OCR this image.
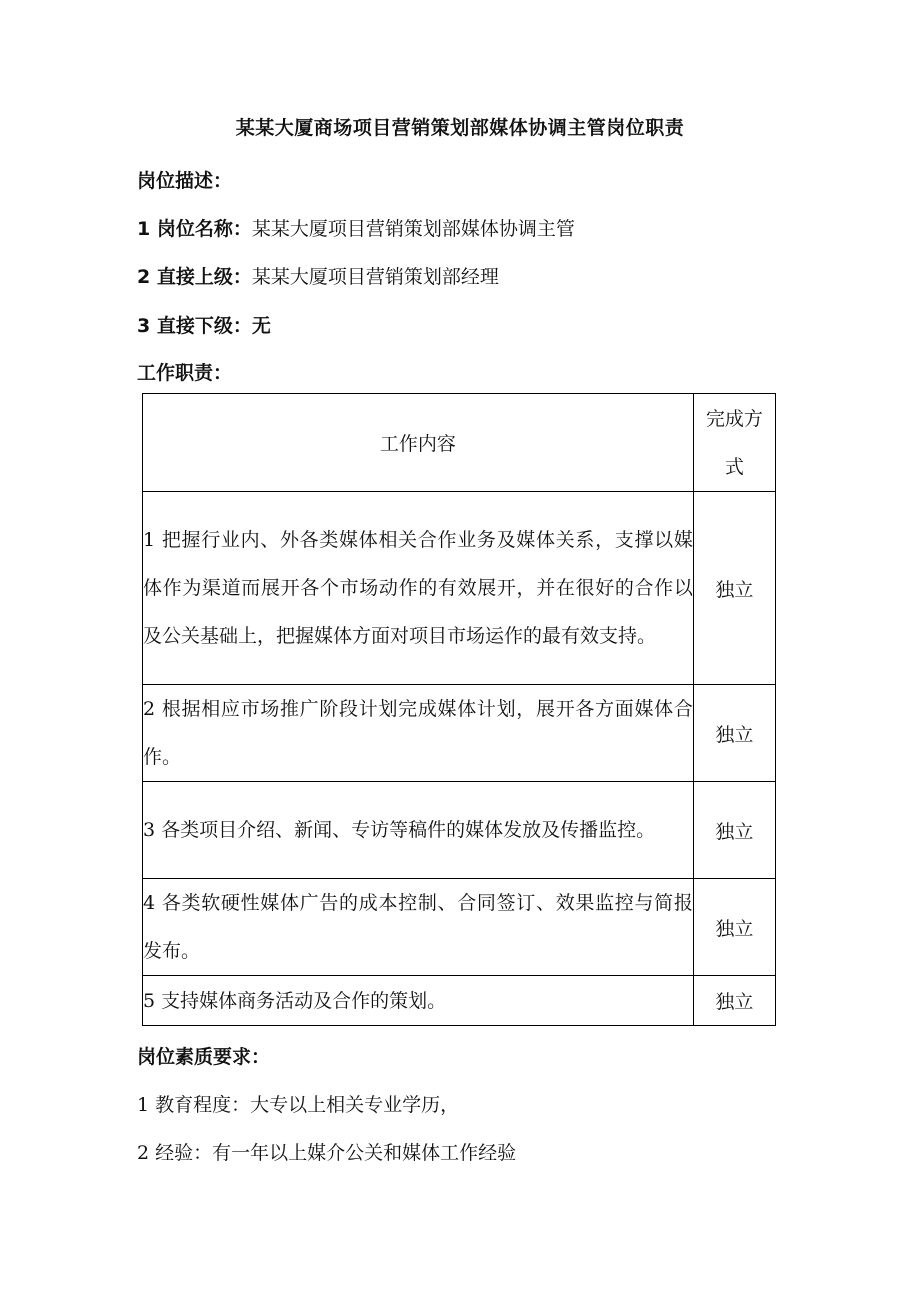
某某大厦商场项目营销策划部媒体协调主管岗位职责
岗位描述：
1 岗位名称：某某大厦项目营销策划部媒体协调主管
2 直接上级：某某大厦项目营销策划部经理
3 直接下级：无
工作职责：
工作内容	完成方
式

1 把握行业内、外各类媒体相关合作业务及媒体关系，支撑以媒体作为渠道而展开各个市场动作的有效展开，并在很好的合作以及公关基础上，把握媒体方面对项目市场运作的最有效支持。	独立
2 根据相应市场推广阶段计划完成媒体计划，展开各方面媒体合作。	独立
3 各类项目介绍、新闻、专访等稿件的媒体发放及传播监控。	独立
4 各类软硬性媒体广告的成本控制、合同签订、效果监控与简报发布。	独立
5 支持媒体商务活动及合作的策划。	独立
岗位素质要求：
1 教育程度：大专以上相关专业学历，
2 经验：有一年以上媒介公关和媒体工作经验
